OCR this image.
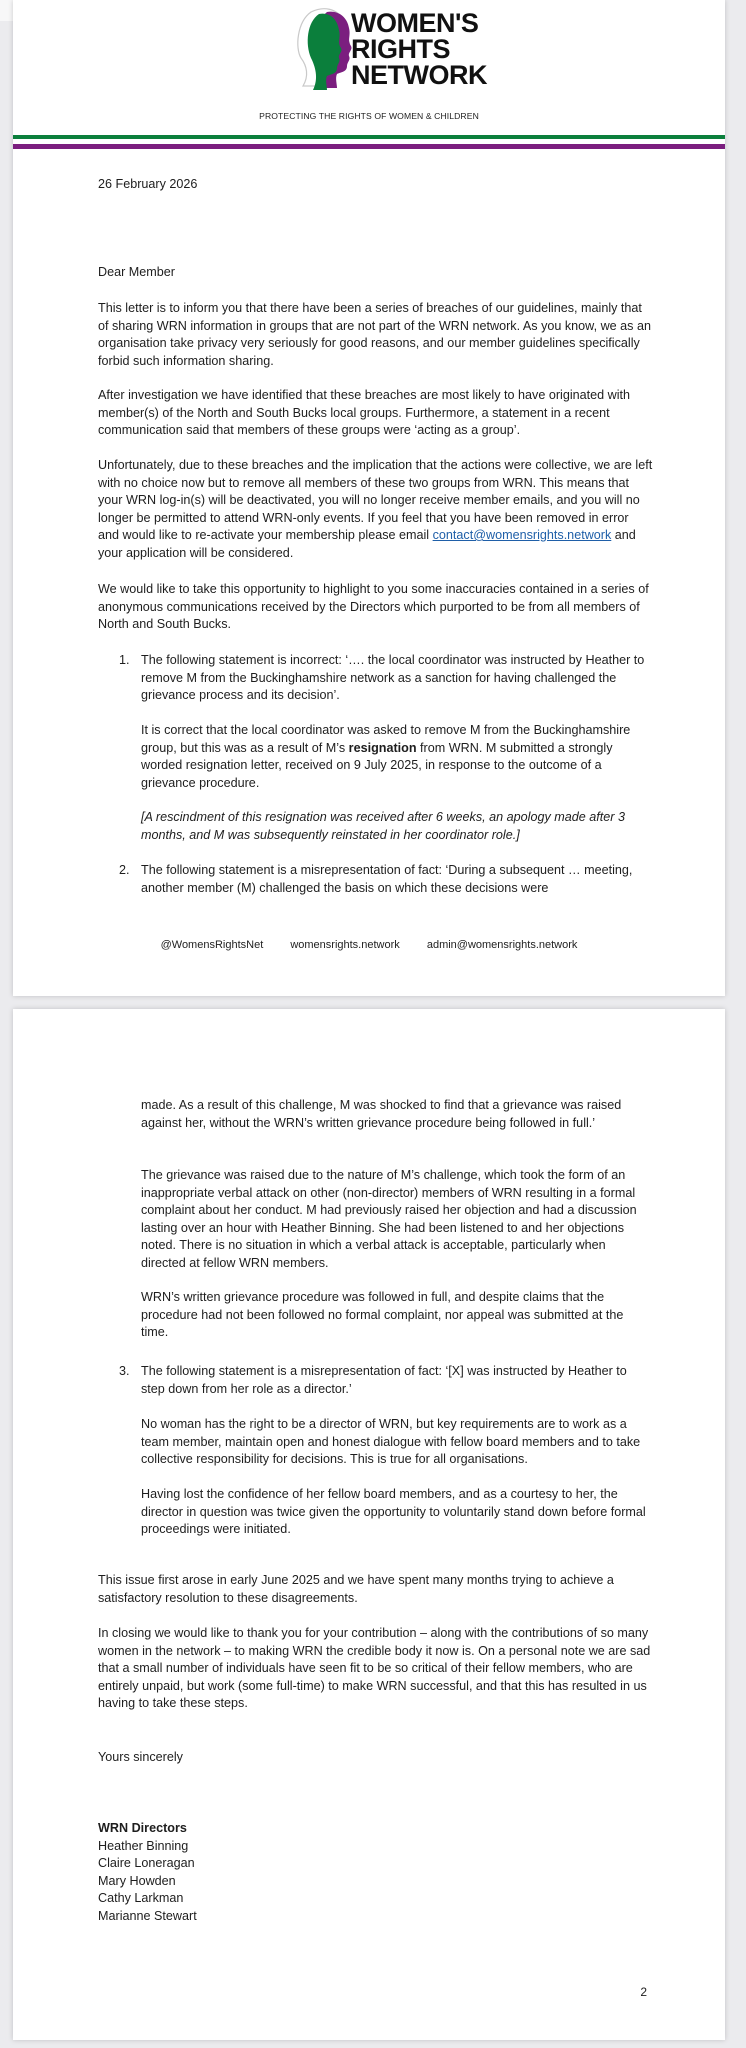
WOMEN'S
RIGHTS
NETWORK
PROTECTING THE RIGHTS OF WOMEN & CHILDREN

26 February 2026

Dear Member

This letter is to inform you that there have been a series of breaches of our guidelines, mainly that of sharing WRN information in groups that are not part of the WRN network. As you know, we as an organisation take privacy very seriously for good reasons, and our member guidelines specifically forbid such information sharing.

After investigation we have identified that these breaches are most likely to have originated with member(s) of the North and South Bucks local groups. Furthermore, a statement in a recent communication said that members of these groups were ‘acting as a group’.

Unfortunately, due to these breaches and the implication that the actions were collective, we are left with no choice now but to remove all members of these two groups from WRN. This means that your WRN log-in(s) will be deactivated, you will no longer receive member emails, and you will no longer be permitted to attend WRN-only events. If you feel that you have been removed in error and would like to re-activate your membership please email contact@womensrights.network and your application will be considered.

We would like to take this opportunity to highlight to you some inaccuracies contained in a series of anonymous communications received by the Directors which purported to be from all members of North and South Bucks.

1. The following statement is incorrect: ‘…. the local coordinator was instructed by Heather to remove M from the Buckinghamshire network as a sanction for having challenged the grievance process and its decision’.

It is correct that the local coordinator was asked to remove M from the Buckinghamshire group, but this was as a result of M’s resignation from WRN. M submitted a strongly worded resignation letter, received on 9 July 2025, in response to the outcome of a grievance procedure.

[A rescindment of this resignation was received after 6 weeks, an apology made after 3 months, and M was subsequently reinstated in her coordinator role.]

2. The following statement is a misrepresentation of fact: ‘During a subsequent … meeting, another member (M) challenged the basis on which these decisions were

@WomensRightsNet womensrights.network admin@womensrights.network

made. As a result of this challenge, M was shocked to find that a grievance was raised against her, without the WRN’s written grievance procedure being followed in full.’

The grievance was raised due to the nature of M’s challenge, which took the form of an inappropriate verbal attack on other (non-director) members of WRN resulting in a formal complaint about her conduct. M had previously raised her objection and had a discussion lasting over an hour with Heather Binning. She had been listened to and her objections noted. There is no situation in which a verbal attack is acceptable, particularly when directed at fellow WRN members.

WRN’s written grievance procedure was followed in full, and despite claims that the procedure had not been followed no formal complaint, nor appeal was submitted at the time.

3. The following statement is a misrepresentation of fact: ‘[X] was instructed by Heather to step down from her role as a director.’

No woman has the right to be a director of WRN, but key requirements are to work as a team member, maintain open and honest dialogue with fellow board members and to take collective responsibility for decisions. This is true for all organisations.

Having lost the confidence of her fellow board members, and as a courtesy to her, the director in question was twice given the opportunity to voluntarily stand down before formal proceedings were initiated.

This issue first arose in early June 2025 and we have spent many months trying to achieve a satisfactory resolution to these disagreements.

In closing we would like to thank you for your contribution – along with the contributions of so many women in the network – to making WRN the credible body it now is. On a personal note we are sad that a small number of individuals have seen fit to be so critical of their fellow members, who are entirely unpaid, but work (some full-time) to make WRN successful, and that this has resulted in us having to take these steps.

Yours sincerely

WRN Directors
Heather Binning
Claire Loneragan
Mary Howden
Cathy Larkman
Marianne Stewart
2
